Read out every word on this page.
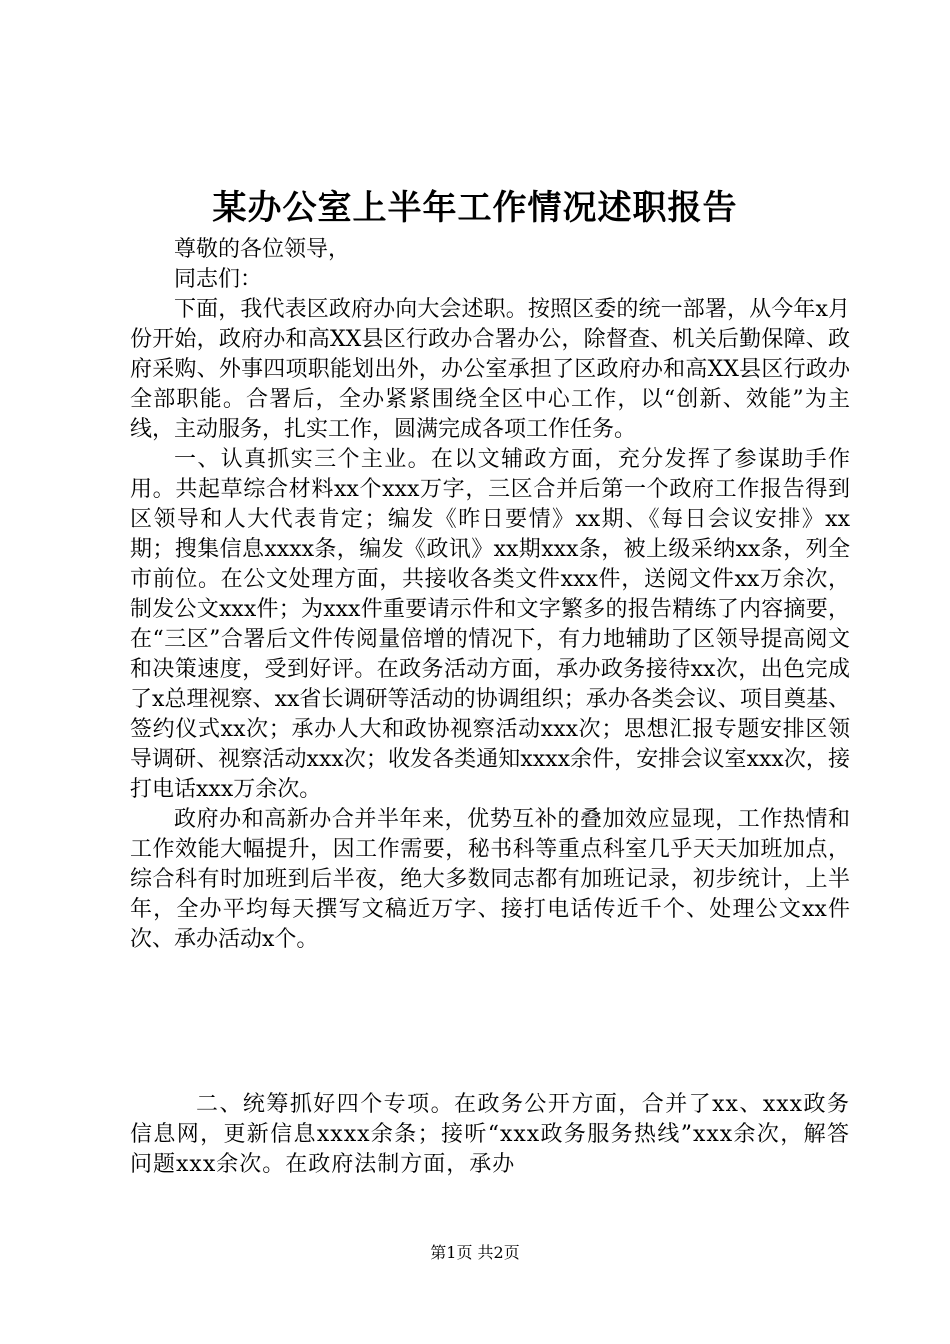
某办公室上半年工作情况述职报告

尊敬的各位领导，

同志们：

下面，我代表区政府办向大会述职。按照区委的统一部署，从今年x月份开始，政府办和高XX县区行政办合署办公，除督查、机关后勤保障、政府采购、外事四项职能划出外，办公室承担了区政府办和高XX县区行政办全部职能。合署后，全办紧紧围绕全区中心工作，以“创新、效能”为主线，主动服务，扎实工作，圆满完成各项工作任务。

一、认真抓实三个主业。在以文辅政方面，充分发挥了参谋助手作用。共起草综合材料xx个xxx万字，三区合并后第一个政府工作报告得到区领导和人大代表肯定；编发《昨日要情》xx期、《每日会议安排》xx期；搜集信息xxxx条，编发《政讯》xx期xxx条，被上级采纳xx条，列全市前位。在公文处理方面，共接收各类文件xxx件，送阅文件xx万余次，制发公文xxx件；为xxx件重要请示件和文字繁多的报告精练了内容摘要，在“三区”合署后文件传阅量倍增的情况下，有力地辅助了区领导提高阅文和决策速度，受到好评。在政务活动方面，承办政务接待xx次，出色完成了x总理视察、xx省长调研等活动的协调组织；承办各类会议、项目奠基、签约仪式xx次；承办人大和政协视察活动xxx次；思想汇报专题安排区领导调研、视察活动xxx次；收发各类通知xxxx余件，安排会议室xxx次，接打电话xxx万余次。

政府办和高新办合并半年来，优势互补的叠加效应显现，工作热情和工作效能大幅提升，因工作需要，秘书科等重点科室几乎天天加班加点，综合科有时加班到后半夜，绝大多数同志都有加班记录，初步统计，上半年，全办平均每天撰写文稿近万字、接打电话传近千个、处理公文xx件次、承办活动x个。

二、统筹抓好四个专项。在政务公开方面，合并了xx、xxx政务信息网，更新信息xxxx余条；接听“xxx政务服务热线”xxx余次，解答问题xxx余次。在政府法制方面，承办

第1页 共2页
